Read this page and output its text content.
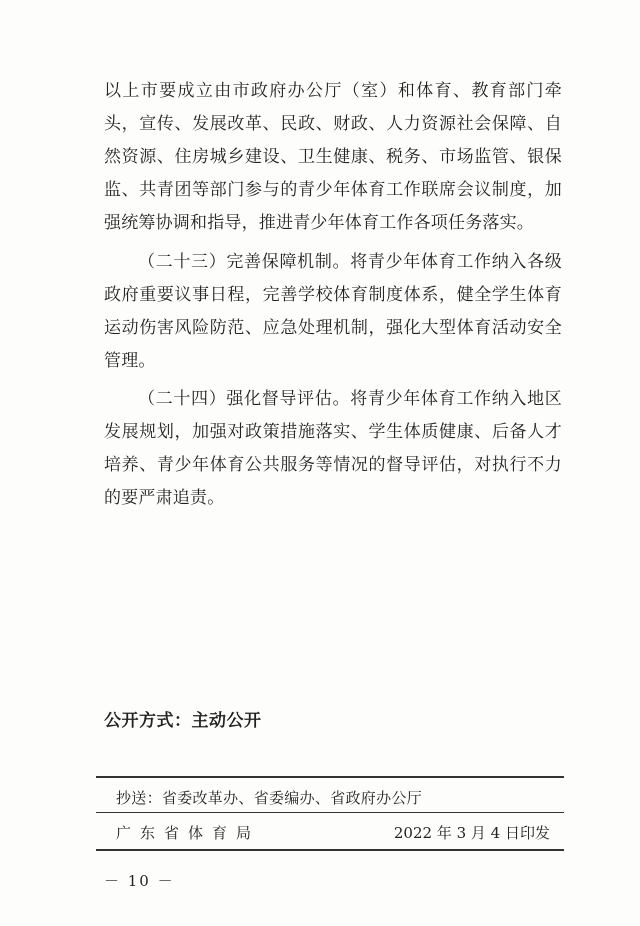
以上市要成立由市政府办公厅（室）和体育、教育部门牵头，宣传、发展改革、民政、财政、人力资源社会保障、自然资源、住房城乡建设、卫生健康、税务、市场监管、银保监、共青团等部门参与的青少年体育工作联席会议制度，加强统筹协调和指导，推进青少年体育工作各项任务落实。

（二十三）完善保障机制。将青少年体育工作纳入各级政府重要议事日程，完善学校体育制度体系，健全学生体育运动伤害风险防范、应急处理机制，强化大型体育活动安全管理。

（二十四）强化督导评估。将青少年体育工作纳入地区发展规划，加强对政策措施落实、学生体质健康、后备人才培养、青少年体育公共服务等情况的督导评估，对执行不力的要严肃追责。

公开方式：主动公开
抄送：省委改革办、省委编办、省政府办公厅
广东省体育局	2022 年 3 月 4 日印发
－ 10 －
